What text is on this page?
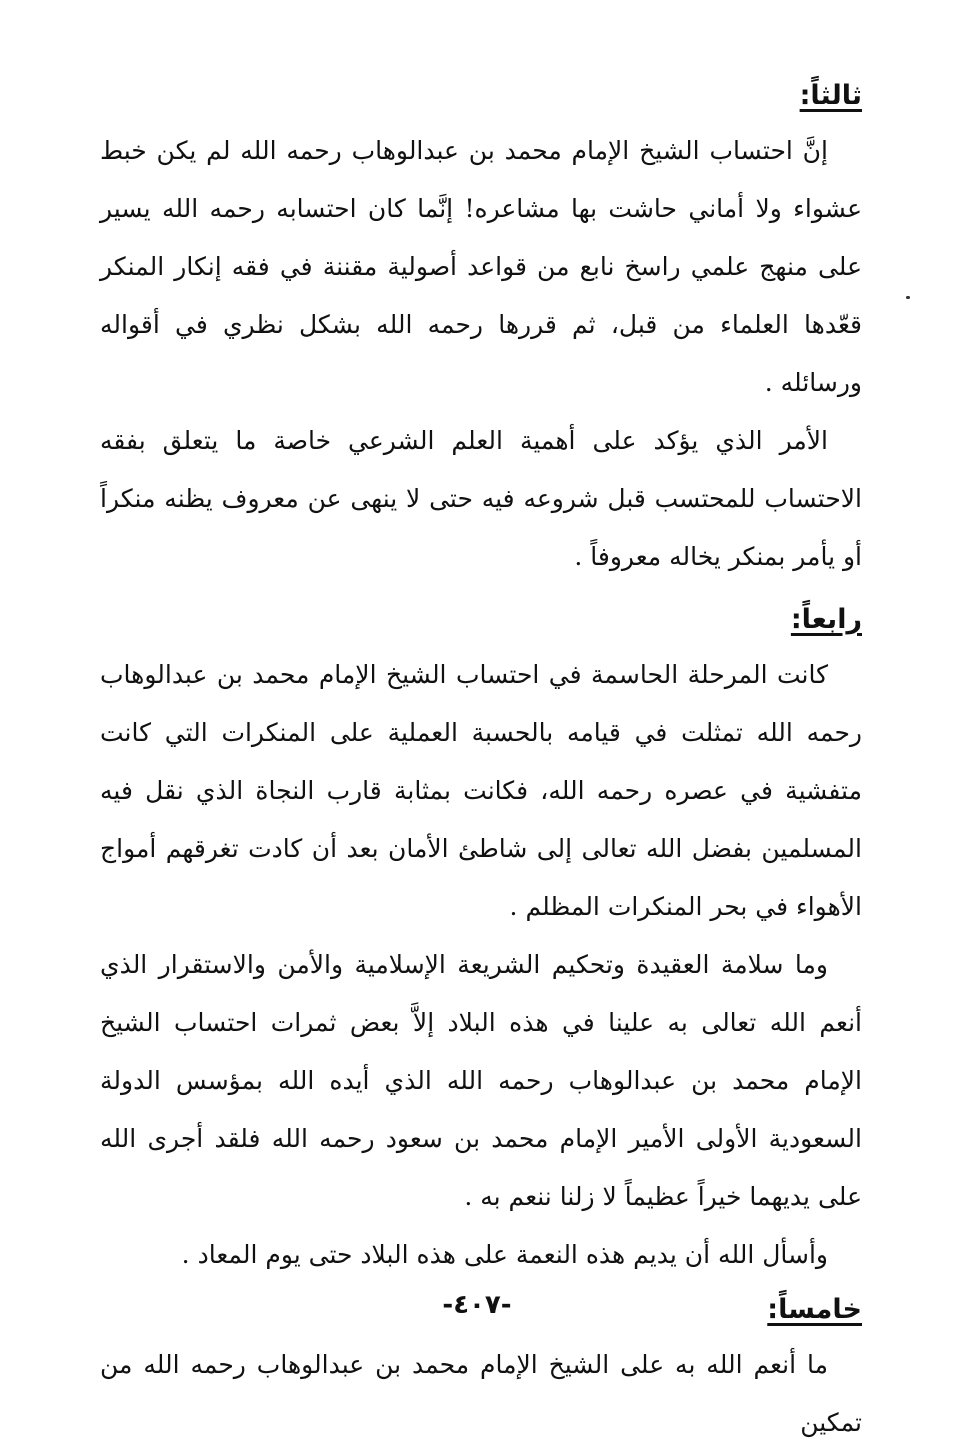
ثالثاً:

إنَّ احتساب الشيخ الإمام محمد بن عبدالوهاب رحمه الله لم يكن خبط عشواء ولا أماني حاشت بها مشاعره! إنَّما كان احتسابه رحمه الله يسير على منهج علمي راسخ نابع من قواعد أصولية مقننة في فقه إنكار المنكر قعّدها العلماء من قبل، ثم قررها رحمه الله بشكل نظري في أقواله ورسائله .

الأمر الذي يؤكد على أهمية العلم الشرعي خاصة ما يتعلق بفقه الاحتساب للمحتسب قبل شروعه فيه حتى لا ينهى عن معروف يظنه منكراً أو يأمر بمنكر يخاله معروفاً .

رابعاً:

كانت المرحلة الحاسمة في احتساب الشيخ الإمام محمد بن عبدالوهاب رحمه الله تمثلت في قيامه بالحسبة العملية على المنكرات التي كانت متفشية في عصره رحمه الله، فكانت بمثابة قارب النجاة الذي نقل فيه المسلمين بفضل الله تعالى إلى شاطئ الأمان بعد أن كادت تغرقهم أمواج الأهواء في بحر المنكرات المظلم .

وما سلامة العقيدة وتحكيم الشريعة الإسلامية والأمن والاستقرار الذي أنعم الله تعالى به علينا في هذه البلاد إلاَّ بعض ثمرات احتساب الشيخ الإمام محمد بن عبدالوهاب رحمه الله الذي أيده الله بمؤسس الدولة السعودية الأولى الأمير الإمام محمد بن سعود رحمه الله فلقد أجرى الله على يديهما خيراً عظيماً لا زلنا ننعم به .

وأسأل الله أن يديم هذه النعمة على هذه البلاد حتى يوم المعاد .

خامساً:

ما أنعم الله به على الشيخ الإمام محمد بن عبدالوهاب رحمه الله من تمكين

-٤٠٧-
